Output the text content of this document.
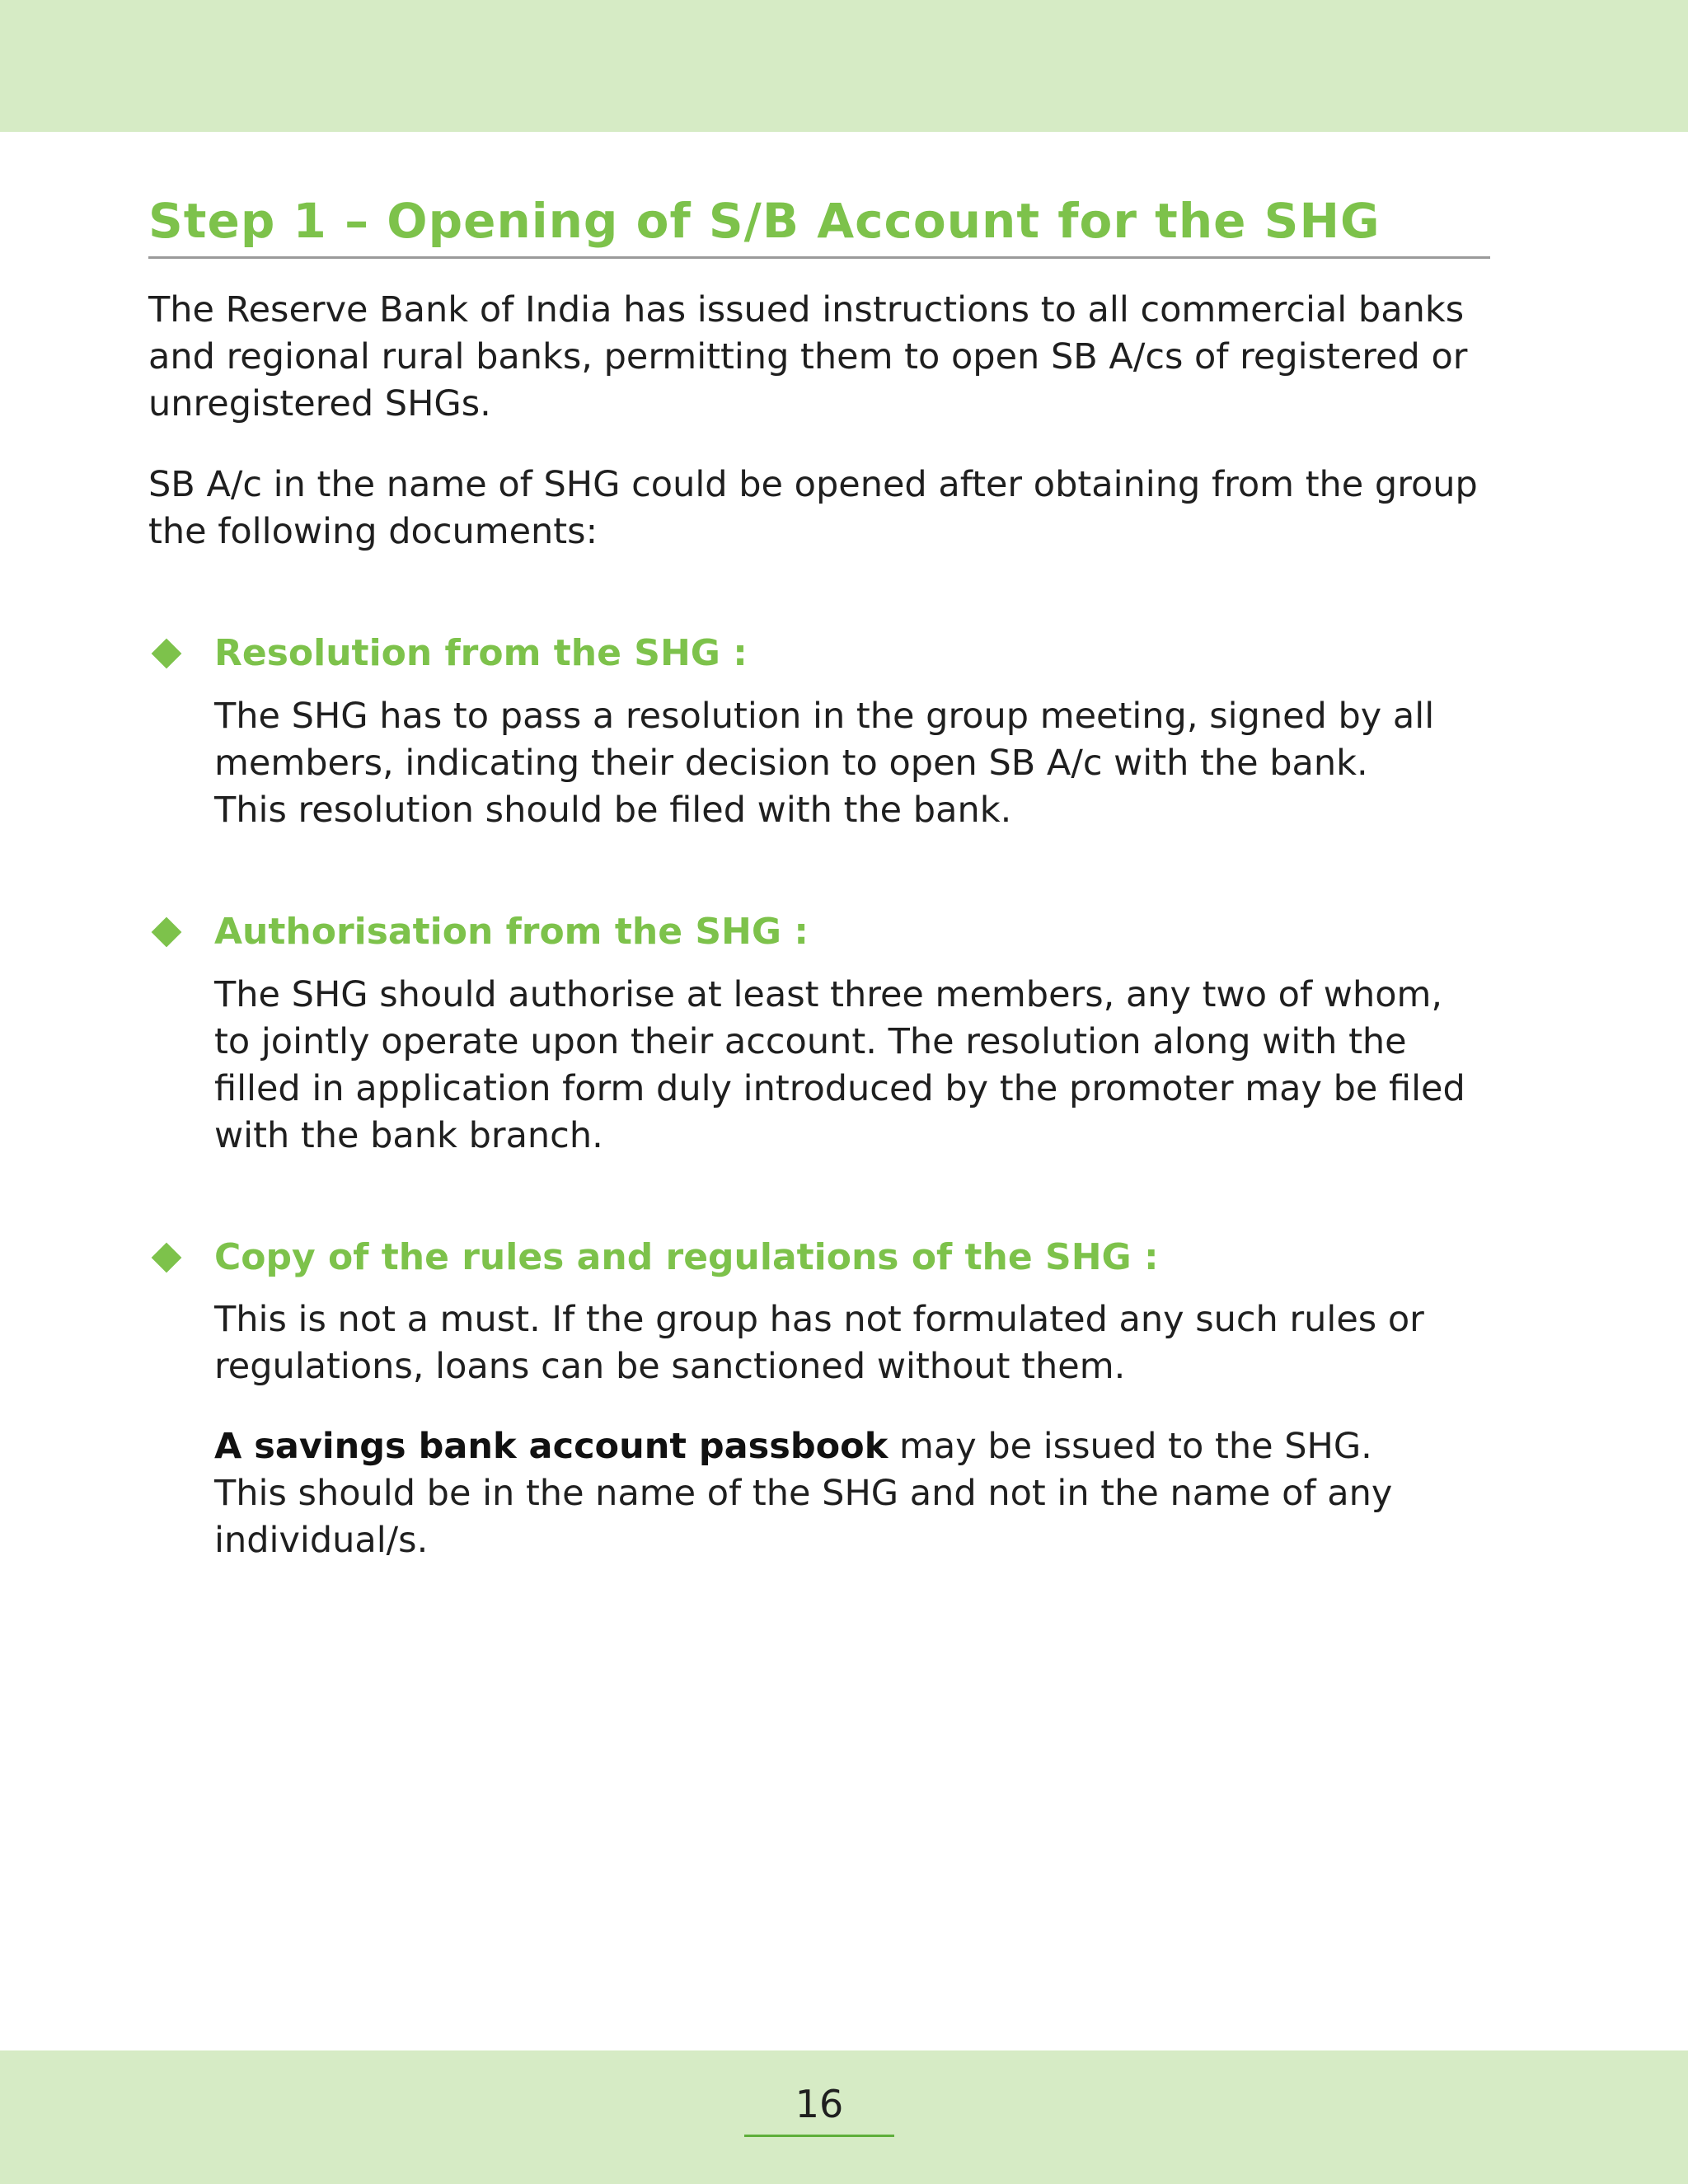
Step 1 – Opening of S/B Account for the SHG
The Reserve Bank of India has issued instructions to all commercial banks
and regional rural banks, permitting them to open SB A/cs of registered or
unregistered SHGs.
SB A/c in the name of SHG could be opened after obtaining from the group
the following documents:
Resolution from the SHG :
The SHG has to pass a resolution in the group meeting, signed by all
members, indicating their decision to open SB A/c with the bank.
This resolution should be filed with the bank.
Authorisation from the SHG :
The SHG should authorise at least three members, any two of whom,
to jointly operate upon their account. The resolution along with the
filled in application form duly introduced by the promoter may be filed
with the bank branch.
Copy of the rules and regulations of the SHG :
This is not a must. If the group has not formulated any such rules or
regulations, loans can be sanctioned without them.
A savings bank account passbook may be issued to the SHG.
This should be in the name of the SHG and not in the name of any
individual/s.
16
